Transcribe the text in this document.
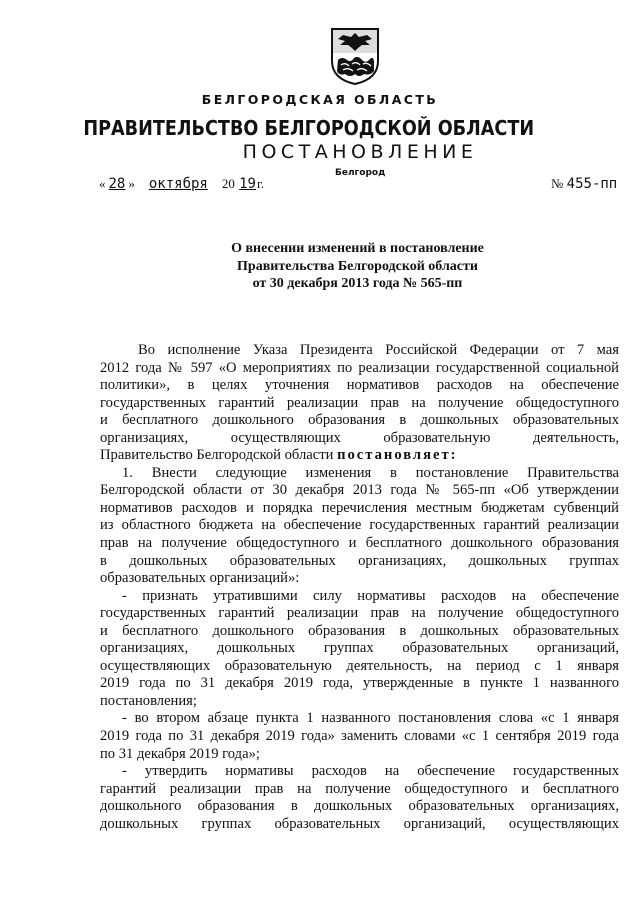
БЕЛГОРОДСКАЯ ОБЛАСТЬ
ПРАВИТЕЛЬСТВО БЕЛГОРОДСКОЙ ОБЛАСТИ
ПОСТАНОВЛЕНИЕ
Белгород
« 28 » октября 20 19г.	№ 455-пп
О внесении изменений в постановление
Правительства Белгородской области
от 30 декабря 2013 года № 565-пп
Во исполнение Указа Президента Российской Федерации от 7 мая
2012 года № 597 «О мероприятиях по реализации государственной социальной
политики», в целях уточнения нормативов расходов на обеспечение
государственных гарантий реализации прав на получение общедоступного
и бесплатного дошкольного образования в дошкольных образовательных
организациях, осуществляющих образовательную деятельность,
Правительство Белгородской области постановляет:
1. Внести следующие изменения в постановление Правительства
Белгородской области от 30 декабря 2013 года № 565-пп «Об утверждении
нормативов расходов и порядка перечисления местным бюджетам субвенций
из областного бюджета на обеспечение государственных гарантий реализации
прав на получение общедоступного и бесплатного дошкольного образования
в дошкольных образовательных организациях, дошкольных группах
образовательных организаций»:
- признать утратившими силу нормативы расходов на обеспечение
государственных гарантий реализации прав на получение общедоступного
и бесплатного дошкольного образования в дошкольных образовательных
организациях, дошкольных группах образовательных организаций,
осуществляющих образовательную деятельность, на период с 1 января
2019 года по 31 декабря 2019 года, утвержденные в пункте 1 названного
постановления;
- во втором абзаце пункта 1 названного постановления слова «с 1 января
2019 года по 31 декабря 2019 года» заменить словами «с 1 сентября 2019 года
по 31 декабря 2019 года»;
- утвердить нормативы расходов на обеспечение государственных
гарантий реализации прав на получение общедоступного и бесплатного
дошкольного образования в дошкольных образовательных организациях,
дошкольных группах образовательных организаций, осуществляющих
